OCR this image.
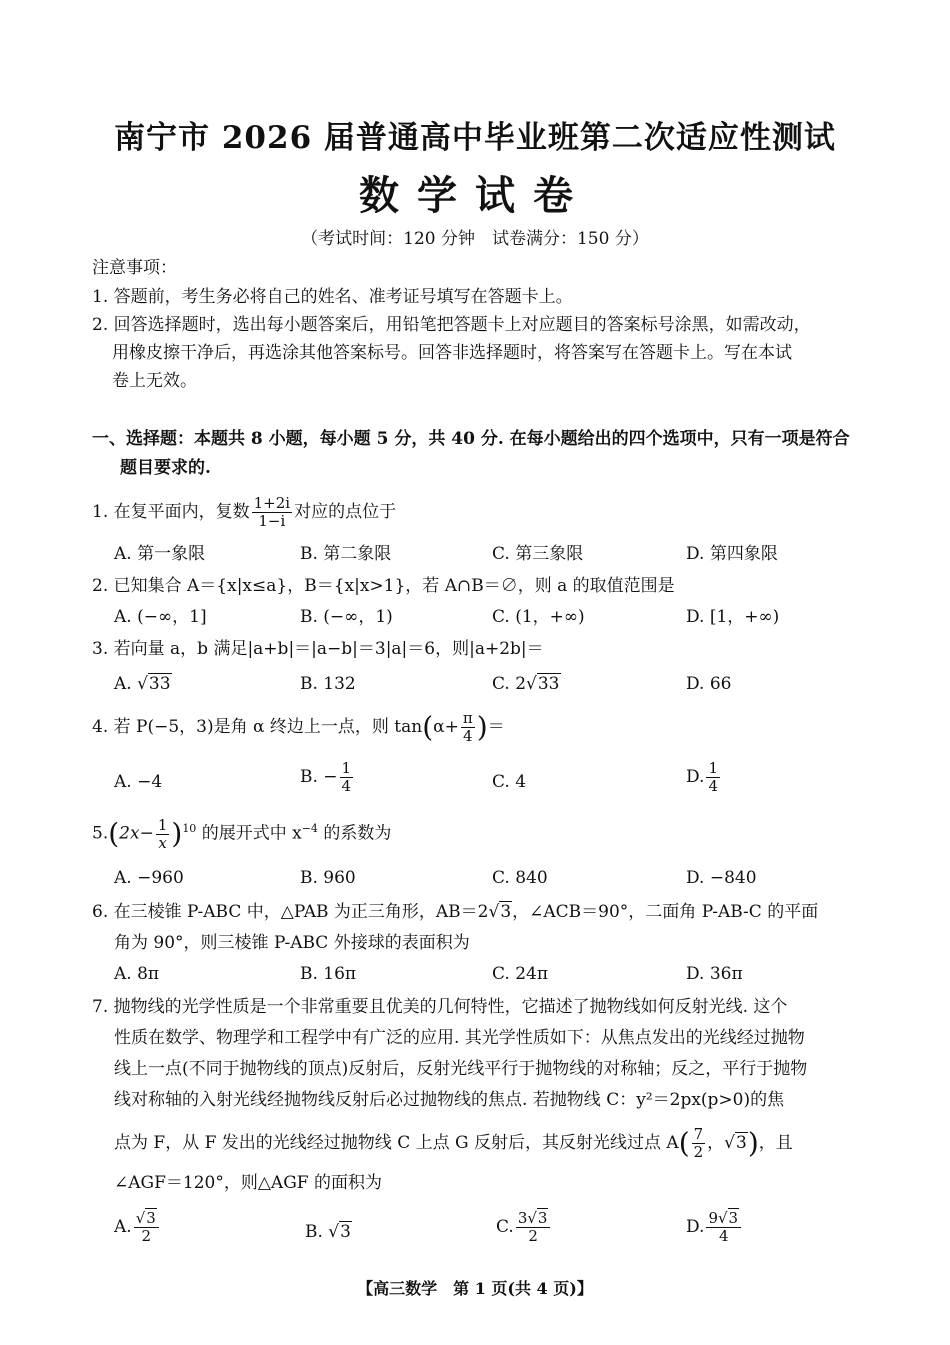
南宁市 2026 届普通高中毕业班第二次适应性测试
数学试卷
（考试时间：120 分钟　试卷满分：150 分）
注意事项：
1. 答题前，考生务必将自己的姓名、准考证号填写在答题卡上。
2. 回答选择题时，选出每小题答案后，用铅笔把答题卡上对应题目的答案标号涂黑，如需改动，
用橡皮擦干净后，再选涂其他答案标号。回答非选择题时，将答案写在答题卡上。写在本试
卷上无效。
一、选择题：本题共 8 小题，每小题 5 分，共 40 分. 在每小题给出的四个选项中，只有一项是符合
题目要求的.
1. 在复平面内，复数 $\frac{1+2i}{1-i}$ 对应的点位于
A. 第一象限	B. 第二象限	C. 第三象限	D. 第四象限
2. 已知集合 A＝{x|x≤a}，B＝{x|x>1}，若 A∩B＝∅，则 a 的取值范围是
A. (−∞，1]	B. (−∞，1)	C. (1，+∞)	D. [1，+∞)
3. 若向量 a，b 满足|a+b|＝|a−b|＝3|a|＝6，则|a+2b|＝
A. √33	B. 132	C. 2√33	D. 66
4. 若 P(−5，3)是角 α 终边上一点，则 $\tan(\alpha+ \frac{\pi}{4}$ )＝
A. −4	B. − $\frac{1}{4}$	C. 4	D. $\frac{1}{4}$
$5.(2x- \frac{1}{x} )^{10}$ 的展开式中 $x^{-4}$ 的系数为
A. −960	B. 960	C. 840	D. −840
6. 在三棱锥 P-ABC 中，△PAB 为正三角形，AB＝2√3，∠ACB＝90°，二面角 P-AB-C 的平面
角为 90°，则三棱锥 P-ABC 外接球的表面积为
A. 8π	B. 16π	C. 24π	D. 36π
7. 抛物线的光学性质是一个非常重要且优美的几何特性，它描述了抛物线如何反射光线. 这个
性质在数学、物理学和工程学中有广泛的应用. 其光学性质如下：从焦点发出的光线经过抛物
线上一点(不同于抛物线的顶点)反射后，反射光线平行于抛物线的对称轴；反之，平行于抛物
线对称轴的入射光线经抛物线反射后必过抛物线的焦点. 若抛物线 C：y²＝2px(p>0)的焦
点为 F，从 F 发出的光线经过抛物线 C 上点 G 反射后，其反射光线过点 $A( \frac{7}{2}$ ，√3)，且
∠AGF＝120°，则△AGF 的面积为
A. $\frac{√3}{2}$	B. √3	C. $\frac{3√3}{2}$	D. $\frac{9√3}{4}$
【高三数学　第 1 页(共 4 页)】
